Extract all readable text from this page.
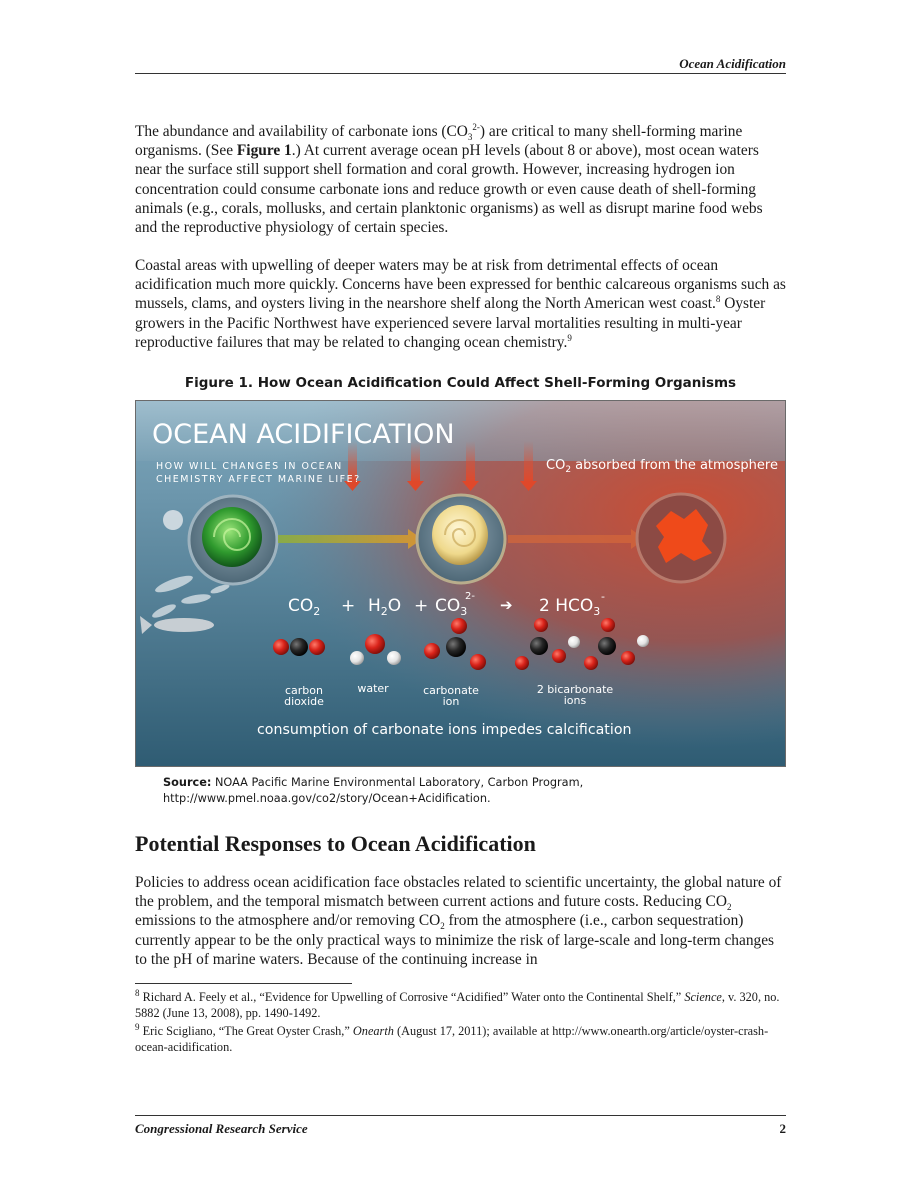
Ocean Acidification

The abundance and availability of carbonate ions $(CO_3^{2-})$ are critical to many shell-forming marine organisms. (See Figure 1.) At current average ocean pH levels (about 8 or above), most ocean waters near the surface still support shell formation and coral growth. However, increasing hydrogen ion concentration could consume carbonate ions and reduce growth or even cause death of shell-forming animals (e.g., corals, mollusks, and certain planktonic organisms) as well as disrupt marine food webs and the reproductive physiology of certain species.

Coastal areas with upwelling of deeper waters may be at risk from detrimental effects of ocean acidification much more quickly. Concerns have been expressed for benthic calcareous organisms such as mussels, clams, and oysters living in the nearshore shelf along the North American west coast.$^8$ Oyster growers in the Pacific Northwest have experienced severe larval mortalities resulting in multi-year reproductive failures that may be related to changing ocean chemistry.$^9$

Figure 1. How Ocean Acidification Could Affect Shell-Forming Organisms
OCEAN ACIDIFICATION
HOW WILL CHANGES IN OCEAN
CHEMISTRY AFFECT MARINE LIFE?
$CO_2$ absorbed from the atmosphere
$CO_2 + H_2O + CO_3$
2- ➔ 2 $HCO_3$
-
carbon
dioxide
water	carbonate
ion
2 bicarbonate
ions
consumption of carbonate ions impedes calcification
Source: NOAA Pacific Marine Environmental Laboratory, Carbon Program, http://www.pmel.noaa.gov/co2/story/Ocean+Acidification.
Potential Responses to Ocean Acidification

Policies to address ocean acidification face obstacles related to scientific uncertainty, the global nature of the problem, and the temporal mismatch between current actions and future costs. Reducing $CO_2$ emissions to the atmosphere and/or removing $CO_2$ from the atmosphere (i.e., carbon sequestration) currently appear to be the only practical ways to minimize the risk of large-scale and long-term changes to the pH of marine waters. Because of the continuing increase in

$^8$ Richard A. Feely et al., “Evidence for Upwelling of Corrosive “Acidified” Water onto the Continental Shelf,” Science, v. 320, no. 5882 (June 13, 2008), pp. 1490-1492.

$^9$ Eric Scigliano, “The Great Oyster Crash,” Onearth (August 17, 2011); available at http://www.onearth.org/article/oyster-crash-ocean-acidification.

Congressional Research Service	2
